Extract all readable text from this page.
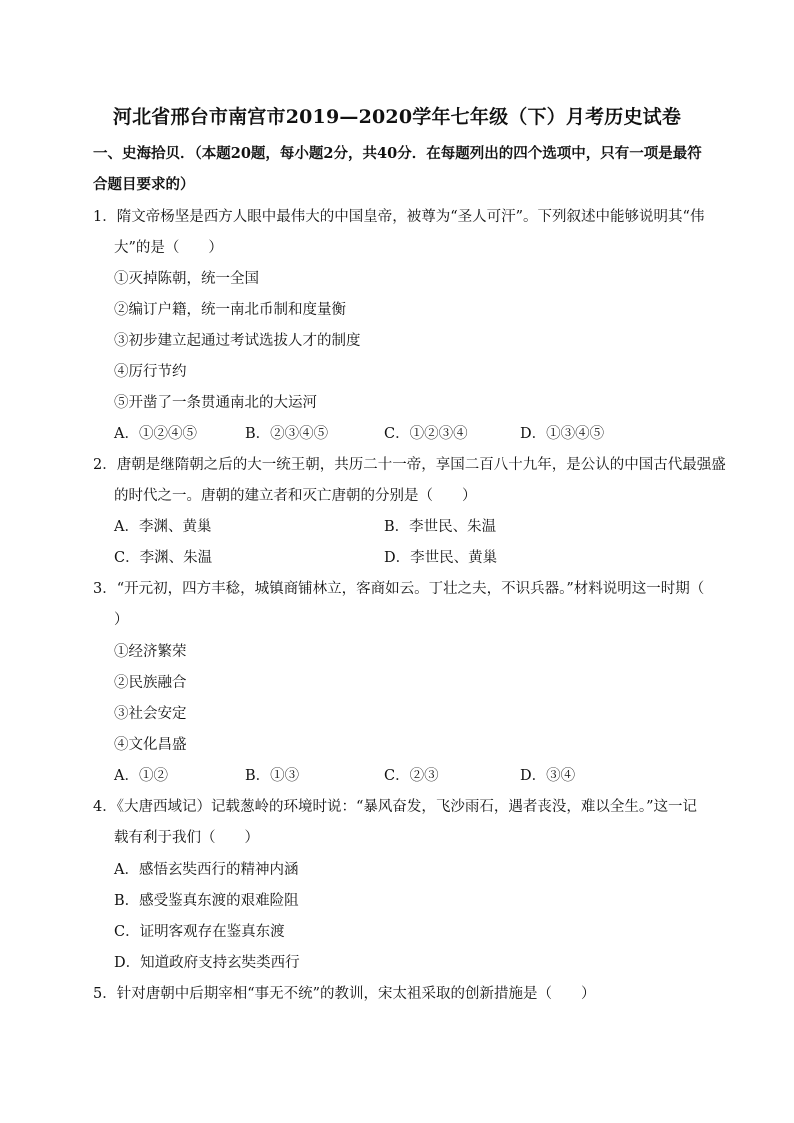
河北省邢台市南宫市2019—2020学年七年级（下）月考历史试卷
一、史海拾贝．（本题20题，每小题2分，共40分．在每题列出的四个选项中，只有一项是最符
合题目要求的）
1．隋文帝杨坚是西方人眼中最伟大的中国皇帝，被尊为“圣人可汗”。下列叙述中能够说明其“伟
大”的是（　　）
①灭掉陈朝，统一全国
②编订户籍，统一南北币制和度量衡
③初步建立起通过考试选拔人才的制度
④厉行节约
⑤开凿了一条贯通南北的大运河
A．①②④⑤	B．②③④⑤	C．①②③④	D．①③④⑤
2．唐朝是继隋朝之后的大一统王朝，共历二十一帝，享国二百八十九年，是公认的中国古代最强盛
的时代之一。唐朝的建立者和灭亡唐朝的分别是（　　）
A．李渊、黄巢	B．李世民、朱温
C．李渊、朱温	D．李世民、黄巢
3．“开元初，四方丰稔，城镇商铺林立，客商如云。丁壮之夫，不识兵器。”材料说明这一时期（
）
①经济繁荣
②民族融合
③社会安定
④文化昌盛
A．①②	B．①③	C．②③	D．③④
4．《大唐西域记）记载葱岭的环境时说：“暴风奋发，飞沙雨石，遇者丧没，难以全生。”这一记
载有利于我们（　　）
A．感悟玄奘西行的精神内涵
B．感受鉴真东渡的艰难险阻
C．证明客观存在鉴真东渡
D．知道政府支持玄奘类西行
5．针对唐朝中后期宰相“事无不统”的教训，宋太祖采取的创新措施是（　　）
